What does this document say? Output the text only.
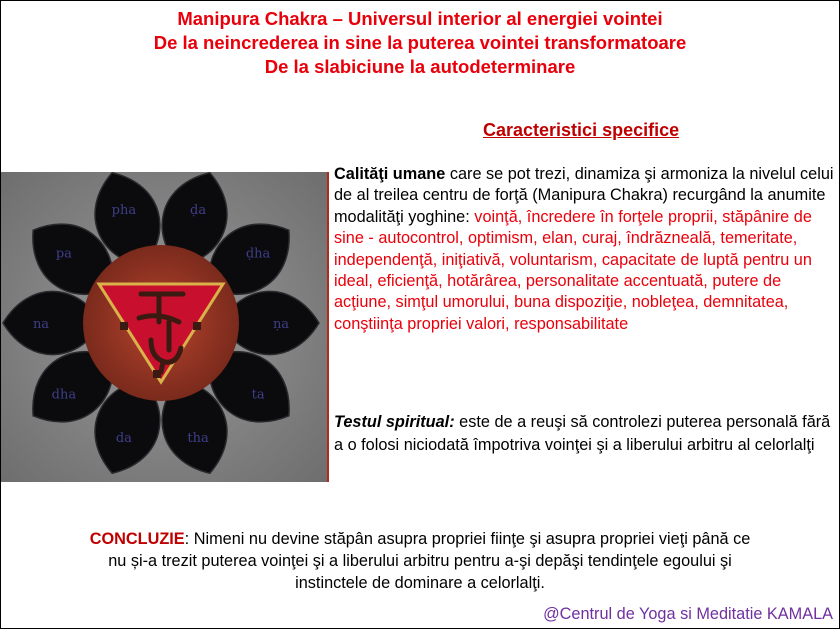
Manipura Chakra – Universul interior al energiei vointei
De la neincrederea in sine la puterea vointei transformatoare
De la slabiciune la autodeterminare
Caracteristici specifice
ḍa
ḍha
ṇa
ta
tha
da
dha
na
pa
pha
Calităţi umane care se pot trezi, dinamiza şi armoniza la nivelul celui de al treilea centru de forţă (Manipura Chakra) recurgând la anumite modalităţi yoghine: voinţă, încredere în forţele proprii, stăpânire de sine - autocontrol, optimism, elan, curaj, îndrăzneală, temeritate, independenţă, iniţiativă, voluntarism, capacitate de luptă pentru un ideal, eficienţă, hotărârea, personalitate accentuată, putere de acţiune, simţul umorului, buna dispoziţie, nobleţea, demnitatea, conştiinţa propriei valori, responsabilitate
Testul spiritual: este de a reuşi să controlezi puterea personală fără a o folosi niciodată împotriva voinţei şi a liberului arbitru al celorlalţi
CONCLUZIE: Nimeni nu devine stăpân asupra propriei fiinţe şi asupra propriei vieţi până ce
nu și-a trezit puterea voinţei şi a liberului arbitru pentru a-şi depăşi tendinţele egoului şi
instinctele de dominare a celorlalţi.
@Centrul de Yoga si Meditatie KAMALA
